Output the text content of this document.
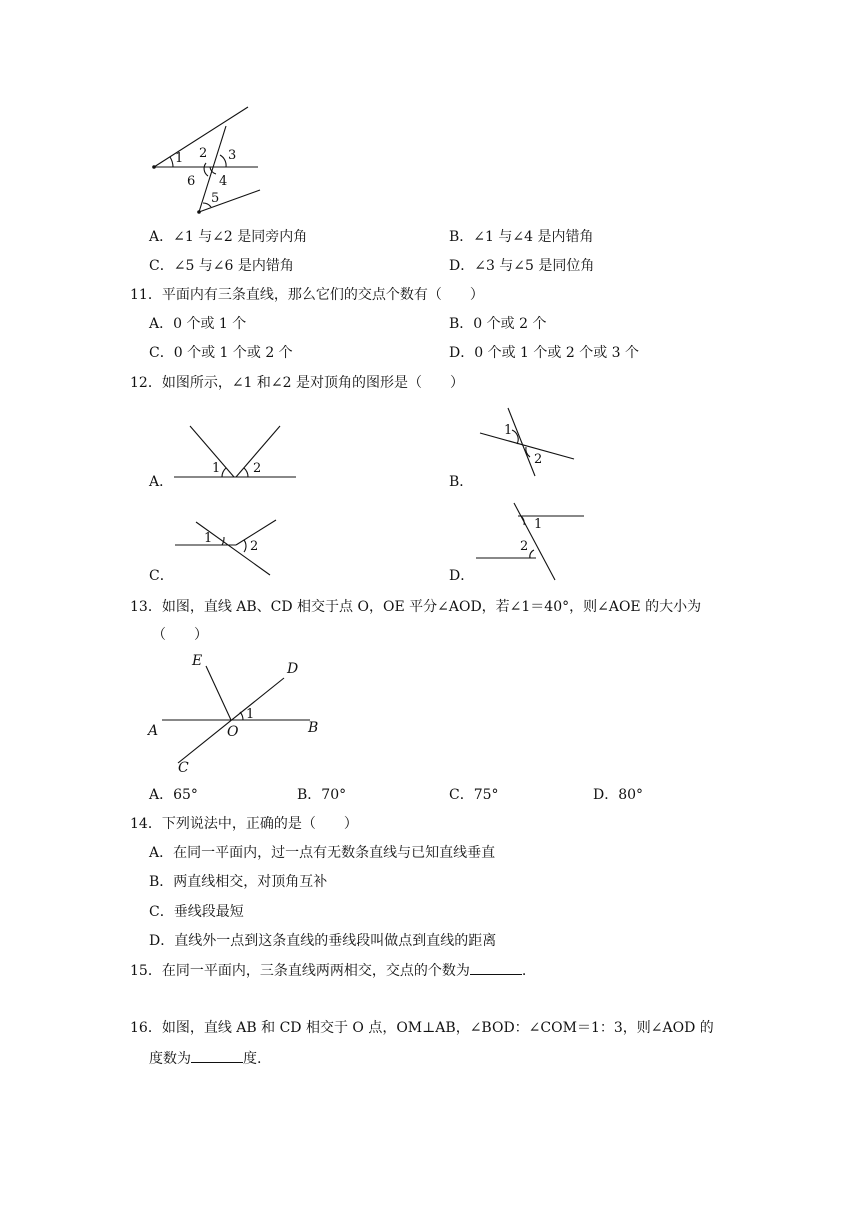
1 2 3
6 4
5
A．∠1 与∠2 是同旁内角	B．∠1 与∠4 是内错角
C．∠5 与∠6 是内错角	D．∠3 与∠5 是同位角
11．平面内有三条直线，那么它们的交点个数有（　　）
A．0 个或 1 个	B．0 个或 2 个
C．0 个或 1 个或 2 个	D．0 个或 1 个或 2 个或 3 个
12．如图所示，∠1 和∠2 是对顶角的图形是（　　）
A．
1	2
B．
1
2
C．
1
2
D．
1
2
13．如图，直线 AB、CD 相交于点 O，OE 平分∠AOD，若∠1＝40°，则∠AOE 的大小为
（　　）
E	D
A	O	B
C
1
A．65°	B．70°	C．75°	D．80°
14．下列说法中，正确的是（　　）
A．在同一平面内，过一点有无数条直线与已知直线垂直
B．两直线相交，对顶角互补
C．垂线段最短
D．直线外一点到这条直线的垂线段叫做点到直线的距离
15．在同一平面内，三条直线两两相交，交点的个数为	.
16．如图，直线 AB 和 CD 相交于 O 点，OM⊥AB，∠BOD：∠COM＝1：3，则∠AOD 的
度数为	度.
